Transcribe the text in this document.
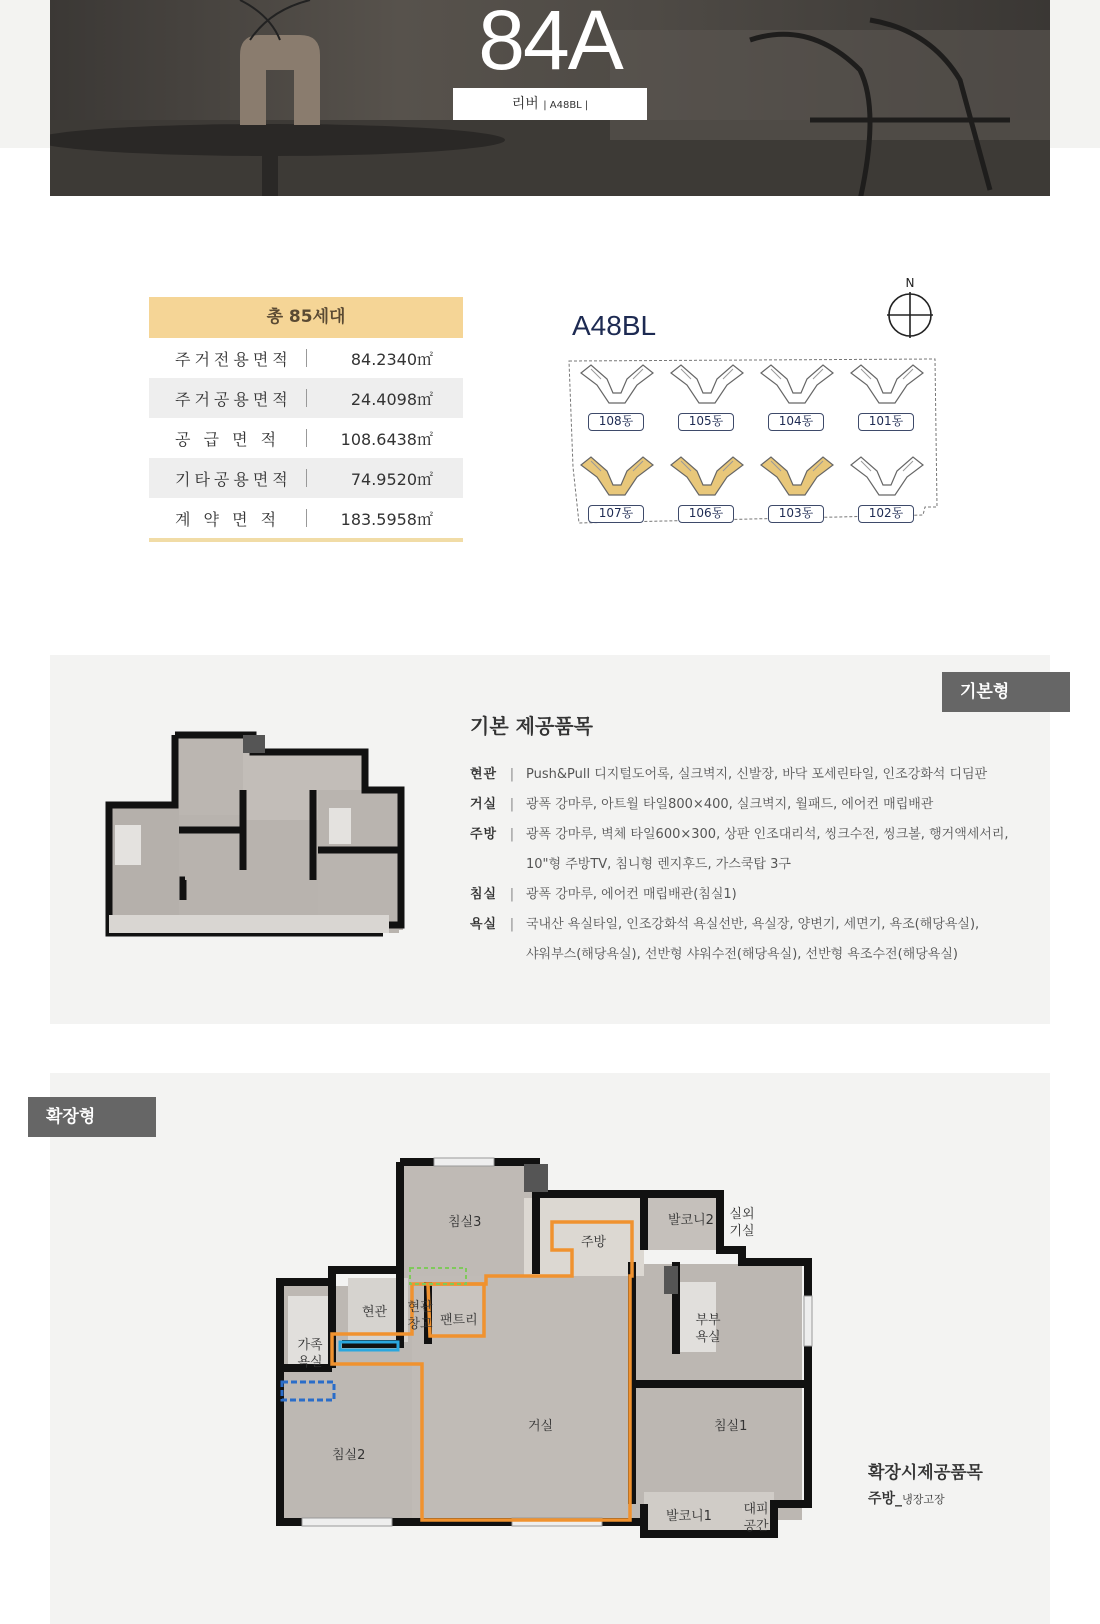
84A
리버 | A48BL |
총 85세대
주거전용면적	84.2340㎡
주거공용면적	24.4098㎡
공 급 면 적	108.6438㎡
기타공용면적	74.9520㎡
계 약 면 적	183.5958㎡
A48BL
N
108동	105동	104동	101동
107동	106동	103동	102동
기본형
기본 제공품목
현관 | Push&Pull 디지털도어록, 실크벽지, 신발장, 바닥 포세린타일, 인조강화석 디딤판
거실 | 광폭 강마루, 아트월 타일800×400, 실크벽지, 월패드, 에어컨 매립배관
주방 | 광폭 강마루, 벽체 타일600×300, 상판 인조대리석, 씽크수전, 씽크볼, 행거액세서리,
10"형 주방TV, 침니형 렌지후드, 가스쿡탑 3구
침실 | 광폭 강마루, 에어컨 매립배관(침실1)
욕실 | 국내산 욕실타일, 인조강화석 욕실선반, 욕실장, 양변기, 세면기, 욕조(해당욕실),
샤워부스(해당욕실), 선반형 샤워수전(해당욕실), 선반형 욕조수전(해당욕실)
확장형
침실3
주방
발코니2 실외기실
현관 현관창고 팬트리	부부욕실
가족욕실
거실	침실1
침실2
발코니1 대피공간
확장시제공품목
주방_냉장고장
